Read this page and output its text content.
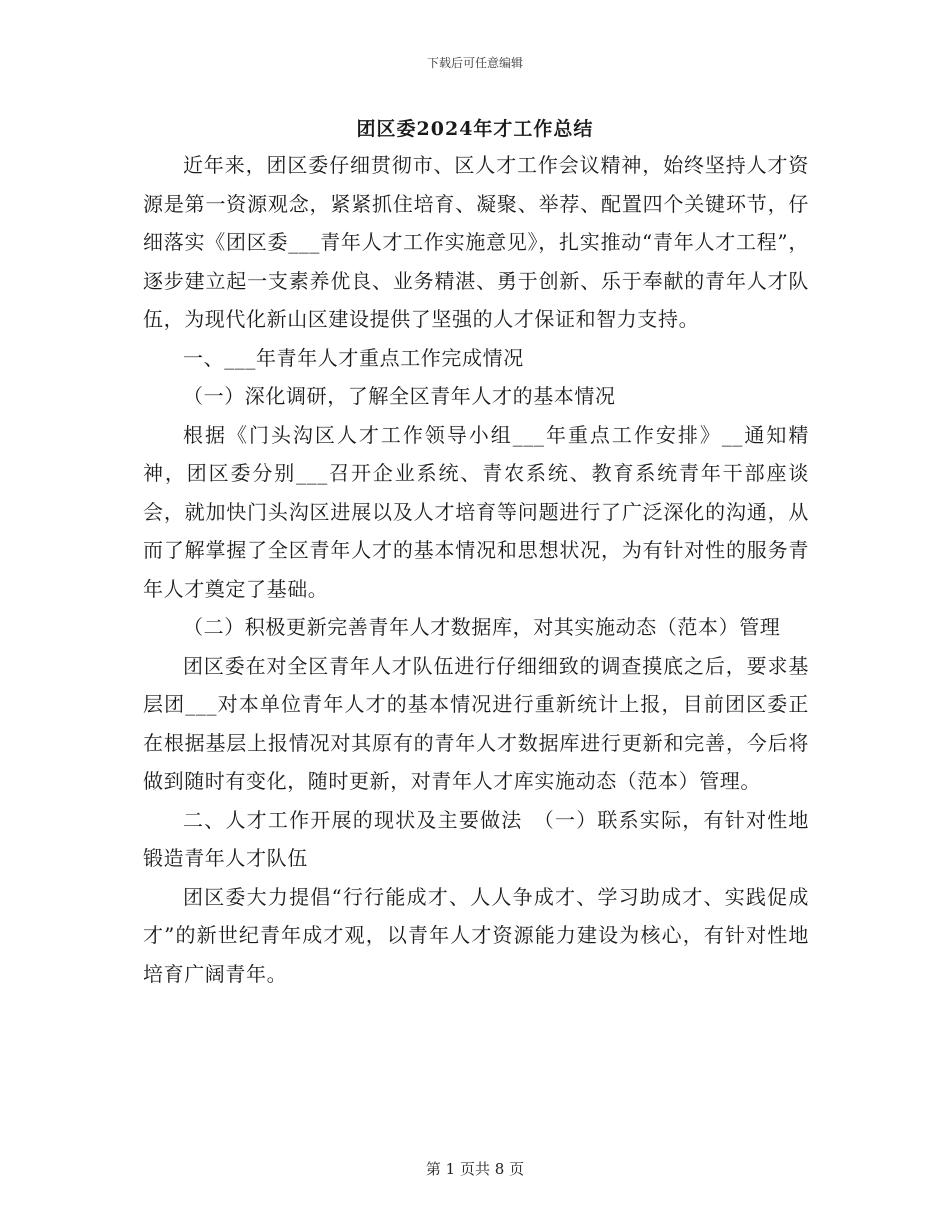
下载后可任意编辑
团区委2024年才工作总结

近年来，团区委仔细贯彻市、区人才工作会议精神，始终坚持人才资源是第一资源观念，紧紧抓住培育、凝聚、举荐、配置四个关键环节，仔细落实《团区委___青年人才工作实施意见》，扎实推动“青年人才工程”，逐步建立起一支素养优良、业务精湛、勇于创新、乐于奉献的青年人才队伍，为现代化新山区建设提供了坚强的人才保证和智力支持。

一、___年青年人才重点工作完成情况

（一）深化调研，了解全区青年人才的基本情况

根据《门头沟区人才工作领导小组___年重点工作安排》__通知精神，团区委分别___召开企业系统、青农系统、教育系统青年干部座谈会，就加快门头沟区进展以及人才培育等问题进行了广泛深化的沟通，从而了解掌握了全区青年人才的基本情况和思想状况，为有针对性的服务青年人才奠定了基础。

（二）积极更新完善青年人才数据库，对其实施动态（范本）管理

团区委在对全区青年人才队伍进行仔细细致的调查摸底之后，要求基层团___对本单位青年人才的基本情况进行重新统计上报，目前团区委正在根据基层上报情况对其原有的青年人才数据库进行更新和完善，今后将做到随时有变化，随时更新，对青年人才库实施动态（范本）管理。

二、人才工作开展的现状及主要做法　（一）联系实际，有针对性地锻造青年人才队伍

团区委大力提倡“行行能成才、人人争成才、学习助成才、实践促成才”的新世纪青年成才观，以青年人才资源能力建设为核心，有针对性地培育广阔青年。

第 1 页共 8 页
